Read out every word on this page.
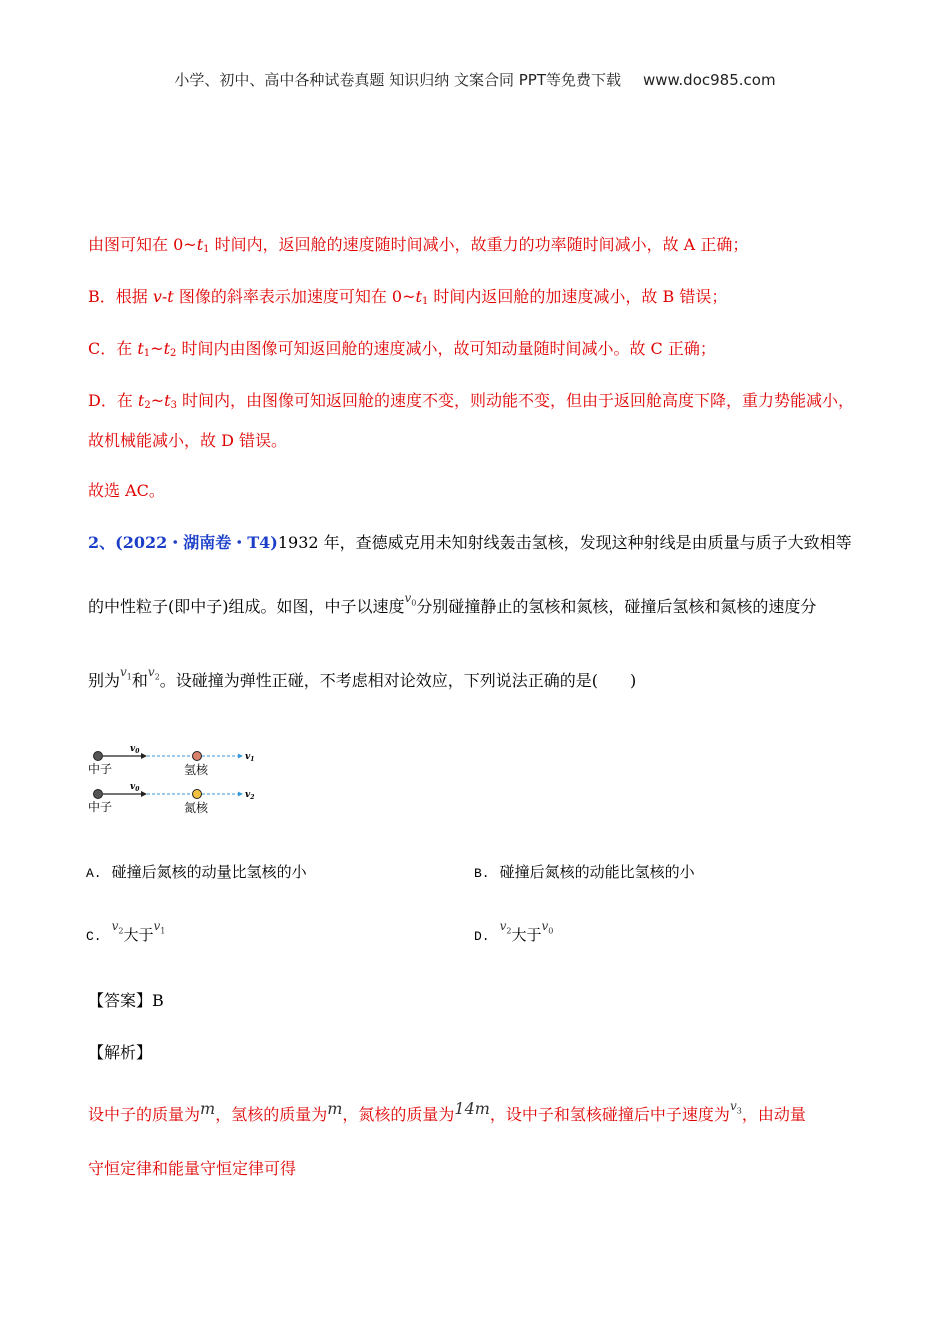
小学、初中、高中各种试卷真题 知识归纳 文案合同 PPT等免费下载 www.doc985.com
由图可知在 $0\sim t_1$ 时间内，返回舱的速度随时间减小，故重力的功率随时间减小，故 A 正确；
B．根据 v-t 图像的斜率表示加速度可知在 $0\sim t_1$ 时间内返回舱的加速度减小，故 B 错误；
C．在 $t_1\sim t_2$ 时间内由图像可知返回舱的速度减小，故可知动量随时间减小。故 C 正确；
D．在 $t_2\sim t_3$ 时间内，由图像可知返回舱的速度不变，则动能不变，但由于返回舱高度下降，重力势能减小，
故机械能减小，故 D 错误。
故选 AC。
2、(2022・湖南卷・T4)1932 年，查德威克用未知射线轰击氢核，发现这种射线是由质量与质子大致相等
的中性粒子(即中子)组成。如图，中子以速度$v_0$分别碰撞静止的氢核和氮核，碰撞后氢核和氮核的速度分
别为$v_1$和$v_2$。设碰撞为弹性正碰，不考虑相对论效应，下列说法正确的是(　　)
$v_0$
$v_1$
中子	氢核
$v_0$
$v_2$
中子	氮核
A. 碰撞后氮核的动量比氢核的小	B. 碰撞后氮核的动能比氢核的小
$C.v_2$大于$v_1$	$D.v_2$大于$v_0$
【答案】B
【解析】
设中子的质量为m，氢核的质量为m，氮核的质量为14m，设中子和氢核碰撞后中子速度为$v_3$，由动量
守恒定律和能量守恒定律可得
